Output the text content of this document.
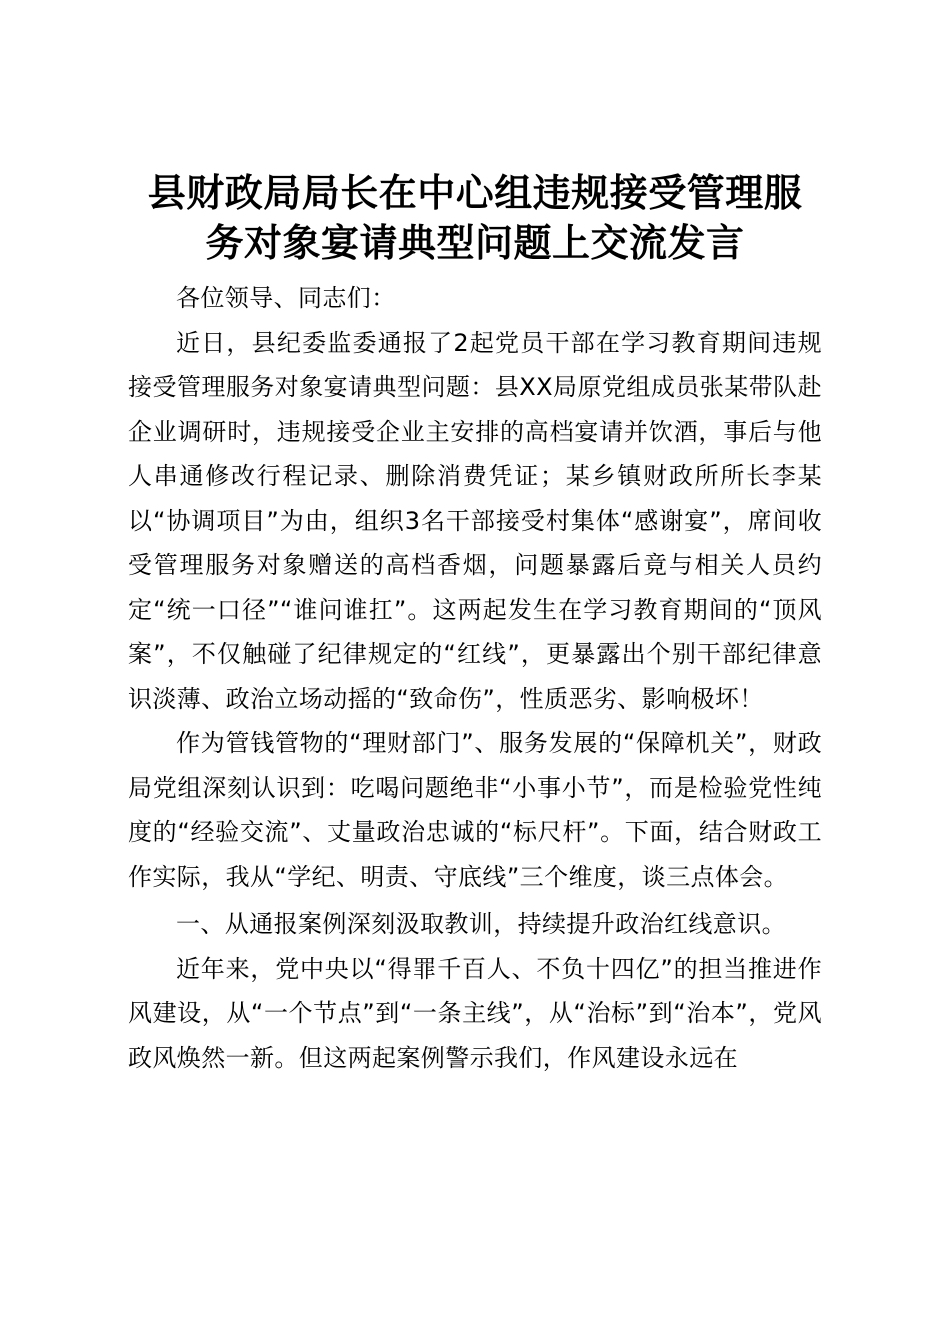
县财政局局长在中心组违规接受管理服
务对象宴请典型问题上交流发言

各位领导、同志们：

近日，县纪委监委通报了2起党员干部在学习教育期间违规接受管理服务对象宴请典型问题：县XX局原党组成员张某带队赴企业调研时，违规接受企业主安排的高档宴请并饮酒，事后与他人串通修改行程记录、删除消费凭证；某乡镇财政所所长李某以“协调项目”为由，组织3名干部接受村集体“感谢宴”，席间收受管理服务对象赠送的高档香烟，问题暴露后竟与相关人员约定“统一口径”“谁问谁扛”。这两起发生在学习教育期间的“顶风案”，不仅触碰了纪律规定的“红线”，更暴露出个别干部纪律意识淡薄、政治立场动摇的“致命伤”，性质恶劣、影响极坏！

作为管钱管物的“理财部门”、服务发展的“保障机关”，财政局党组深刻认识到：吃喝问题绝非“小事小节”，而是检验党性纯度的“经验交流”、丈量政治忠诚的“标尺杆”。下面，结合财政工作实际，我从“学纪、明责、守底线”三个维度，谈三点体会。

一、从通报案例深刻汲取教训，持续提升政治红线意识。

近年来，党中央以“得罪千百人、不负十四亿”的担当推进作风建设，从“一个节点”到“一条主线”，从“治标”到“治本”，党风政风焕然一新。但这两起案例警示我们，作风建设永远在
